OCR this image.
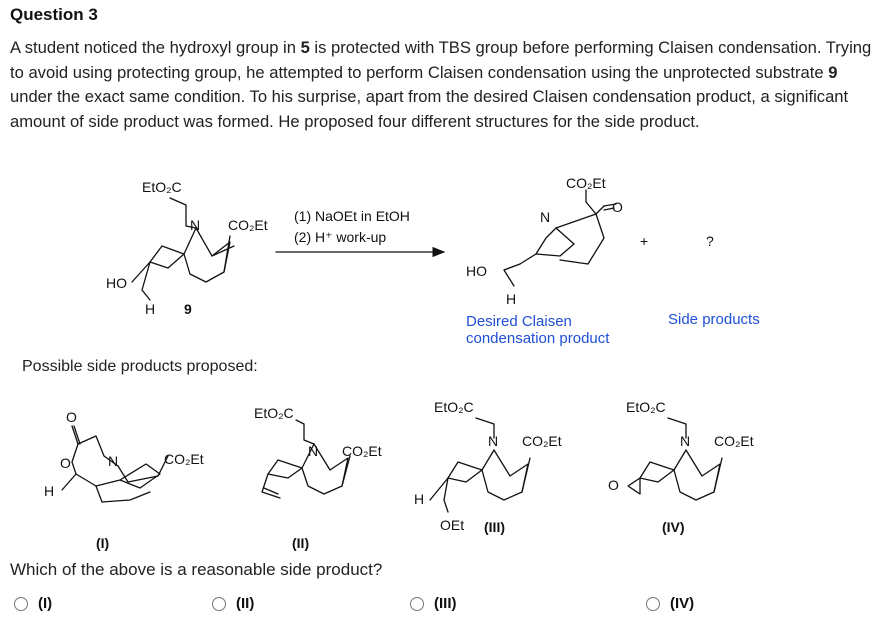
Question 3
A student noticed the hydroxyl group in 5 is protected with TBS group before performing Claisen condensation. Trying to avoid using protecting group, he attempted to perform Claisen condensation using the unprotected substrate 9 under the exact same condition. To his surprise, apart from the desired Claisen condensation product, a significant amount of side product was formed. He proposed four different structures for the side product.
EtO₂C
N CO₂Et
HO
H 9
(1) NaOEt in EtOH
(2) H⁺ work-up
CO₂Et
N
O
HO
H
+	?
Desired Claisen
condensation product
Side products
O
O	N	CO₂Et
H
(I)
EtO₂C
N CO₂Et
(II)
EtO₂C
N CO₂Et
H
OEt (III)
EtO₂C
N CO₂Et
O
(IV)
Possible side products proposed:
Which of the above is a reasonable side product?
(I)	(II)	(III)	(IV)
